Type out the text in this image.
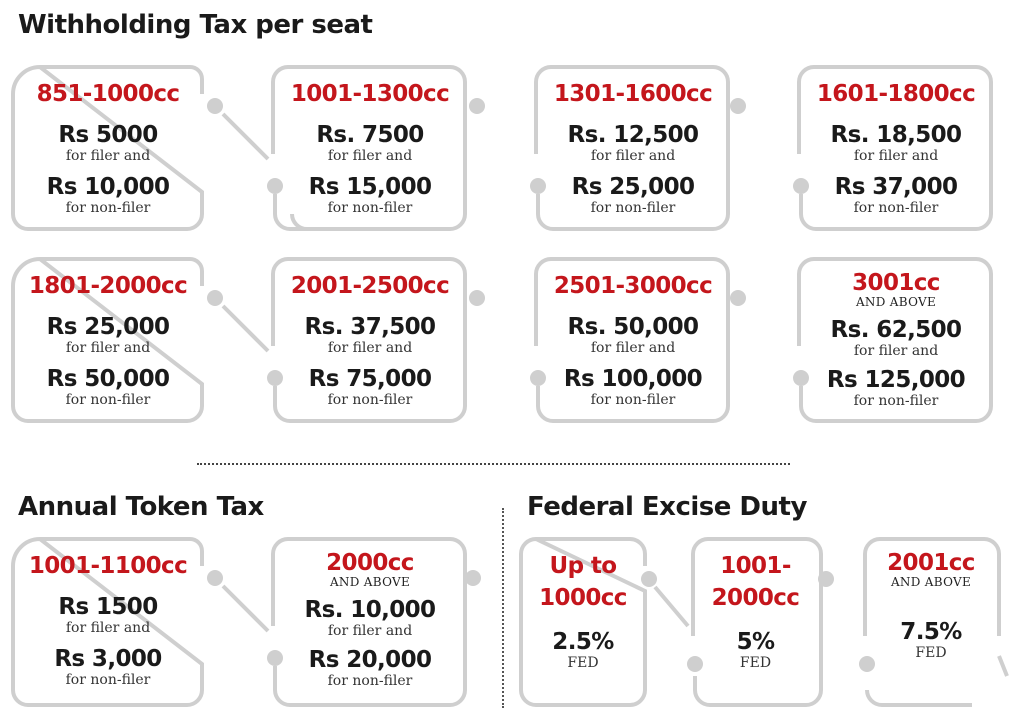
Withholding Tax per seat
851-1000cc
Rs 5000
for filer and
Rs 10,000
for non-filer
1001-1300cc
Rs. 7500
for filer and
Rs 15,000
for non-filer
1301-1600cc
Rs. 12,500
for filer and
Rs 25,000
for non-filer
1601-1800cc
Rs. 18,500
for filer and
Rs 37,000
for non-filer
1801-2000cc
Rs 25,000
for filer and
Rs 50,000
for non-filer
2001-2500cc
Rs. 37,500
for filer and
Rs 75,000
for non-filer
2501-3000cc
Rs. 50,000
for filer and
Rs 100,000
for non-filer
3001cc
AND ABOVE
Rs. 62,500
for filer and
Rs 125,000
for non-filer
Annual Token Tax	Federal Excise Duty
1001-1100cc
Rs 1500
for filer and
Rs 3,000
for non-filer
2000cc
AND ABOVE
Rs. 10,000
for filer and
Rs 20,000
for non-filer
Up to
1000cc
2.5%
FED
1001-
2000cc
5%
FED
2001cc
AND ABOVE
7.5%
FED
